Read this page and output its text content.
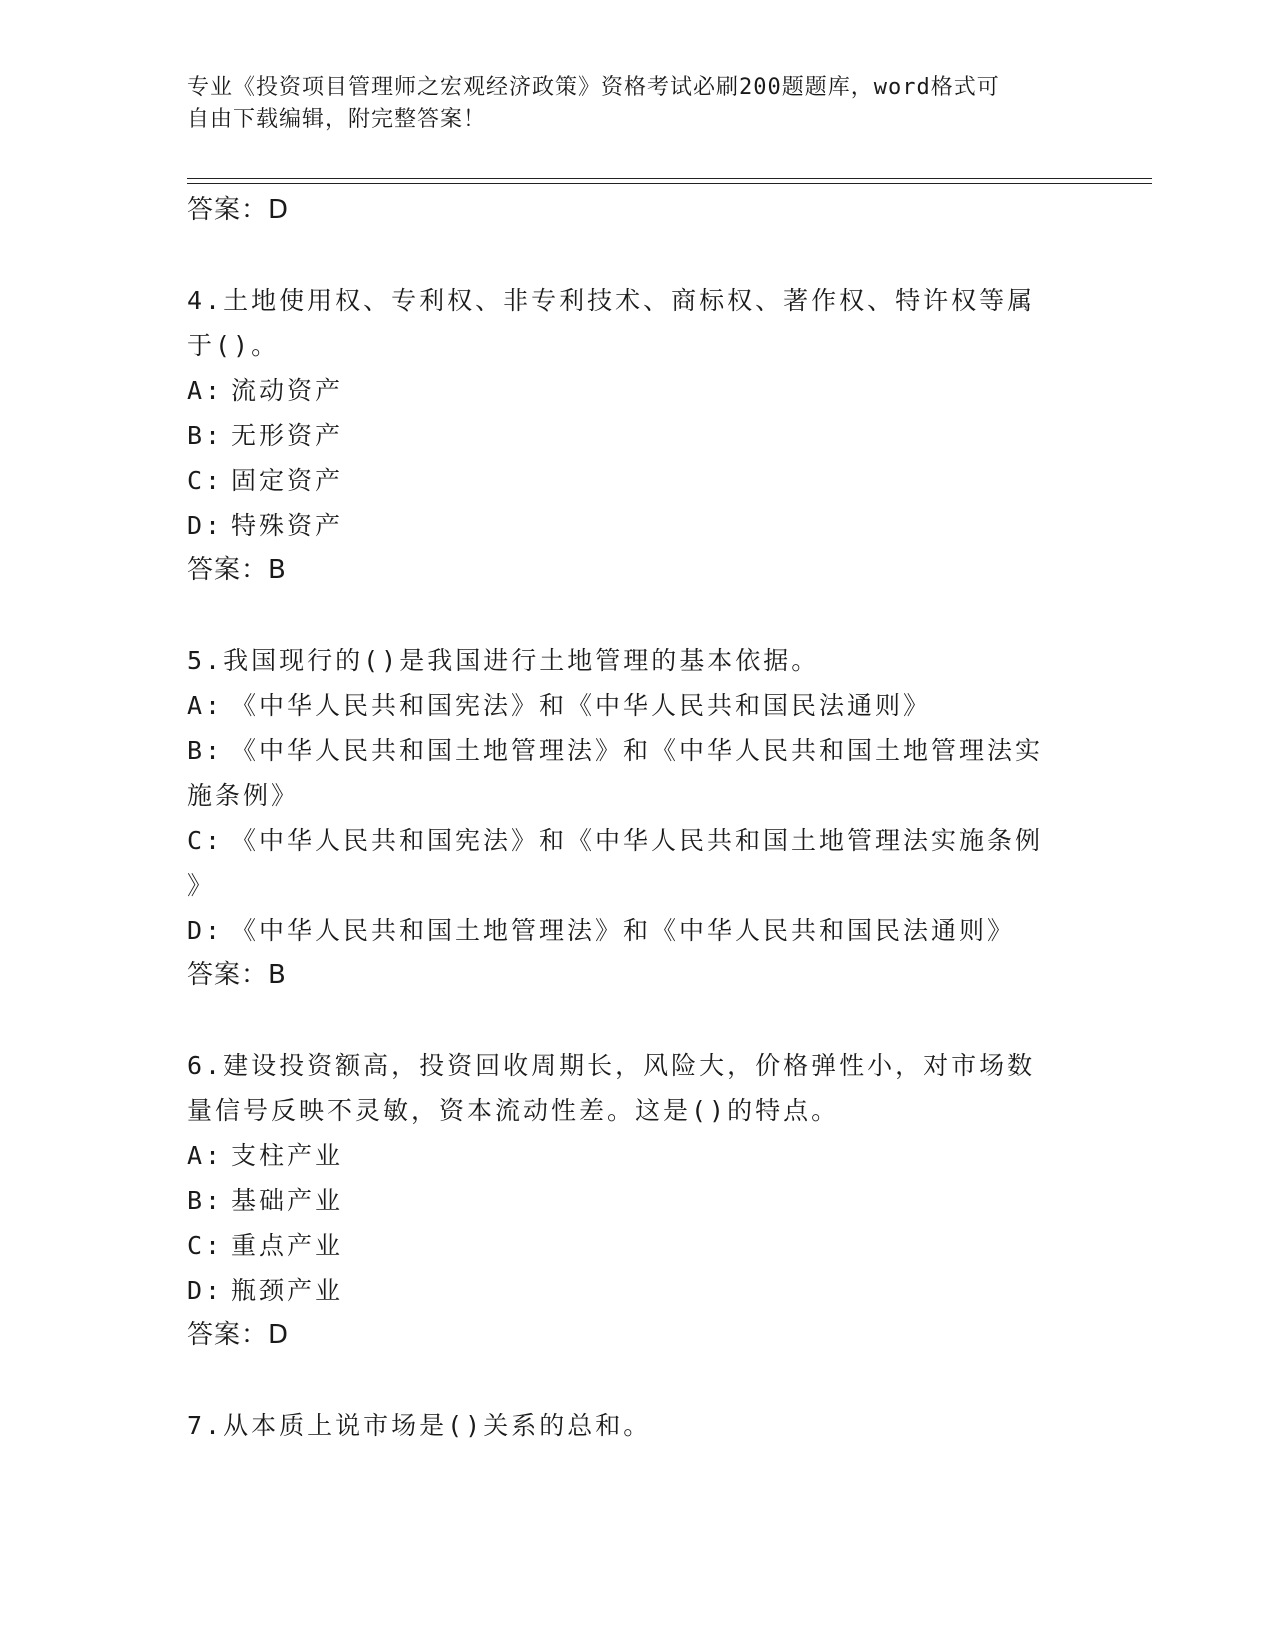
专业《投资项目管理师之宏观经济政策》资格考试必刷200题题库，word格式可
自由下载编辑，附完整答案！
答案：D
4.土地使用权、专利权、非专利技术、商标权、著作权、特许权等属
于()。
A: 流动资产
B: 无形资产
C: 固定资产
D: 特殊资产
答案：B
5.我国现行的()是我国进行土地管理的基本依据。
A: 《中华人民共和国宪法》和《中华人民共和国民法通则》
B: 《中华人民共和国土地管理法》和《中华人民共和国土地管理法实
施条例》
C: 《中华人民共和国宪法》和《中华人民共和国土地管理法实施条例
》
D: 《中华人民共和国土地管理法》和《中华人民共和国民法通则》
答案：B
6.建设投资额高，投资回收周期长，风险大，价格弹性小，对市场数
量信号反映不灵敏，资本流动性差。这是()的特点。
A: 支柱产业
B: 基础产业
C: 重点产业
D: 瓶颈产业
答案：D
7.从本质上说市场是()关系的总和。
